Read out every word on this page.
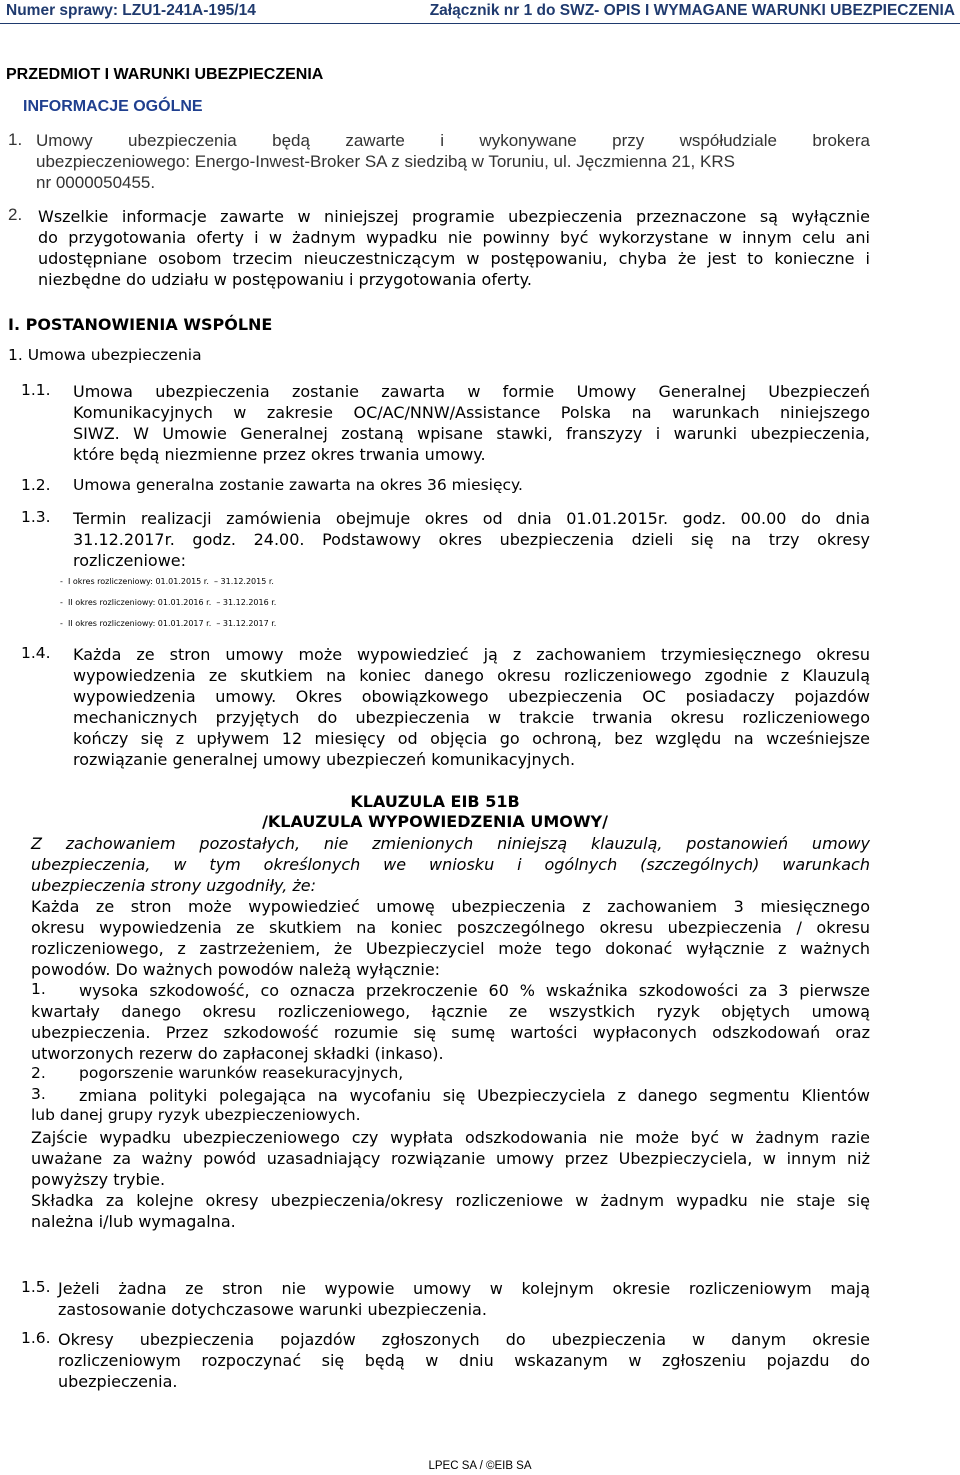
Numer sprawy: LZU1-241A-195/14	Załącznik nr 1 do SWZ- OPIS I WYMAGANE WARUNKI UBEZPIECZENIA
PRZEDMIOT I WARUNKI UBEZPIECZENIA
INFORMACJE OGÓLNE
1. Umowy ubezpieczenia będą zawarte i wykonywane przy współudziale brokera
ubezpieczeniowego: Energo-Inwest-Broker SA z siedzibą w Toruniu, ul. Jęczmienna 21, KRS
nr 0000050455.
2. Wszelkie informacje zawarte w niniejszej programie ubezpieczenia przeznaczone są wyłącznie
do przygotowania oferty i w żadnym wypadku nie powinny być wykorzystane w innym celu ani
udostępniane osobom trzecim nieuczestniczącym w postępowaniu, chyba że jest to konieczne i
niezbędne do udziału w postępowaniu i przygotowania oferty.
I. POSTANOWIENIA WSPÓLNE
1. Umowa ubezpieczenia
1.1. Umowa ubezpieczenia zostanie zawarta w formie Umowy Generalnej Ubezpieczeń
Komunikacyjnych w zakresie OC/AC/NNW/Assistance Polska na warunkach niniejszego
SIWZ. W Umowie Generalnej zostaną wpisane stawki, franszyzy i warunki ubezpieczenia,
które będą niezmienne przez okres trwania umowy.
1.2. Umowa generalna zostanie zawarta na okres 36 miesięcy.
1.3. Termin realizacji zamówienia obejmuje okres od dnia 01.01.2015r. godz. 00.00 do dnia
31.12.2017r. godz. 24.00. Podstawowy okres ubezpieczenia dzieli się na trzy okresy
rozliczeniowe:
-  I okres rozliczeniowy: 01.01.2015 r.  – 31.12.2015 r.
-  II okres rozliczeniowy: 01.01.2016 r.  – 31.12.2016 r.
-  II okres rozliczeniowy: 01.01.2017 r.  – 31.12.2017 r.
1.4. Każda ze stron umowy może wypowiedzieć ją z zachowaniem trzymiesięcznego okresu
wypowiedzenia ze skutkiem na koniec danego okresu rozliczeniowego zgodnie z Klauzulą
wypowiedzenia umowy. Okres obowiązkowego ubezpieczenia OC posiadaczy pojazdów
mechanicznych przyjętych do ubezpieczenia w trakcie trwania okresu rozliczeniowego
kończy się z upływem 12 miesięcy od objęcia go ochroną, bez względu na wcześniejsze
rozwiązanie generalnej umowy ubezpieczeń komunikacyjnych.
KLAUZULA EIB 51B
/KLAUZULA WYPOWIEDZENIA UMOWY/
Z zachowaniem pozostałych, nie zmienionych niniejszą klauzulą, postanowień umowy
ubezpieczenia, w tym określonych we wniosku i ogólnych (szczególnych) warunkach
ubezpieczenia strony uzgodniły, że:
Każda ze stron może wypowiedzieć umowę ubezpieczenia z zachowaniem 3 miesięcznego
okresu wypowiedzenia ze skutkiem na koniec poszczególnego okresu ubezpieczenia / okresu
rozliczeniowego, z zastrzeżeniem, że Ubezpieczyciel może tego dokonać wyłącznie z ważnych
powodów. Do ważnych powodów należą wyłącznie:
1. wysoka szkodowość, co oznacza przekroczenie 60 % wskaźnika szkodowości za 3 pierwsze
kwartały danego okresu rozliczeniowego, łącznie ze wszystkich ryzyk objętych umową
ubezpieczenia. Przez szkodowość rozumie się sumę wartości wypłaconych odszkodowań oraz
utworzonych rezerw do zapłaconej składki (inkaso).
2. pogorszenie warunków reasekuracyjnych,
3. zmiana polityki polegająca na wycofaniu się Ubezpieczyciela z danego segmentu Klientów
lub danej grupy ryzyk ubezpieczeniowych.
Zajście wypadku ubezpieczeniowego czy wypłata odszkodowania nie może być w żadnym razie
uważane za ważny powód uzasadniający rozwiązanie umowy przez Ubezpieczyciela, w innym niż
powyższy trybie.
Składka za kolejne okresy ubezpieczenia/okresy rozliczeniowe w żadnym wypadku nie staje się
należna i/lub wymagalna.
1.5. Jeżeli żadna ze stron nie wypowie umowy w kolejnym okresie rozliczeniowym mają
zastosowanie dotychczasowe warunki ubezpieczenia.
1.6. Okresy ubezpieczenia pojazdów zgłoszonych do ubezpieczenia w danym okresie
rozliczeniowym rozpoczynać się będą w dniu wskazanym w zgłoszeniu pojazdu do
ubezpieczenia.
LPEC SA / ©EIB SA
